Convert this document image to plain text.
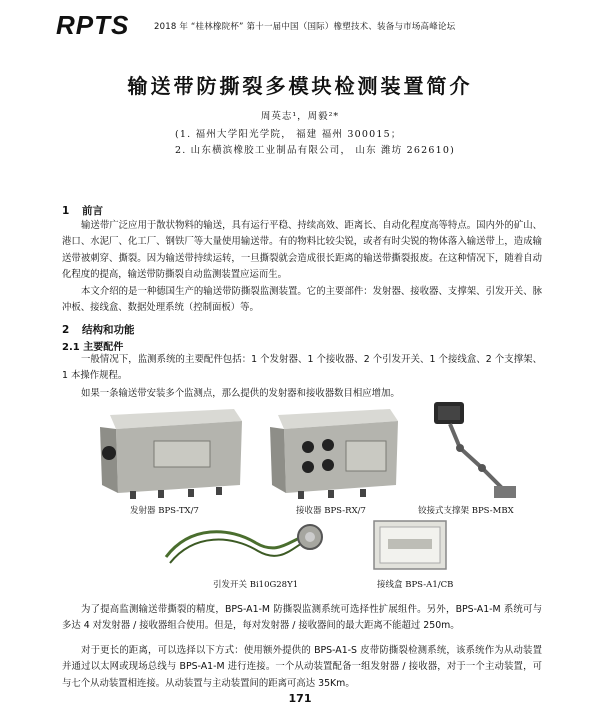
RPTS	2018 年 “桂林橡院杯” 第十一届中国（国际）橡塑技术、装备与市场高峰论坛
输送带防撕裂多模块检测装置简介
周英志¹，周毅²*
(1. 福州大学阳光学院， 福建 福州 300015；
2. 山东横滨橡胶工业制品有限公司， 山东 潍坊 262610)
1 前言

输送带广泛应用于散状物料的输送，具有运行平稳、持续高效、距离长、自动化程度高等特点。国内外的矿山、港口、水泥厂、化工厂、钢铁厂等大量使用输送带。有的物料比较尖锐，或者有时尖锐的物体落入输送带上，造成输送带被刺穿、撕裂。因为输送带持续运转，一旦撕裂就会造成很长距离的输送带撕裂报废。在这种情况下，随着自动化程度的提高，输送带防撕裂自动监测装置应运而生。

本文介绍的是一种德国生产的输送带防撕裂监测装置。它的主要部件：发射器、接收器、支撑架、引发开关、脉冲板、接线盒、数据处理系统（控制面板）等。

2 结构和功能
2.1 主要配件

一般情况下，监测系统的主要配件包括：1 个发射器、1 个接收器、2 个引发开关、1 个接线盒、2 个支撑架、1 本操作规程。

如果一条输送带安装多个监测点，那么提供的发射器和接收器数目相应增加。

发射器 BPS-TX/7	接收器 BPS-RX/7	铰接式支撑架 BPS-MBX
引发开关 Bi10G28Y1	接线盒 BPS-A1/CB

为了提高监测输送带撕裂的精度，BPS-A1-M 防撕裂监测系统可选择性扩展组件。另外，BPS-A1-M 系统可与多达 4 对发射器 / 接收器组合使用。但是，每对发射器 / 接收器间的最大距离不能超过 250m。

对于更长的距离，可以选择以下方式：使用额外提供的 BPS-A1-S 皮带防撕裂检测系统，该系统作为从动装置并通过以太网或现场总线与 BPS-A1-M 进行连接。一个从动装置配备一组发射器 / 接收器，对于一个主动装置，可与七个从动装置相连接。从动装置与主动装置间的距离可高达 35Km。

171
